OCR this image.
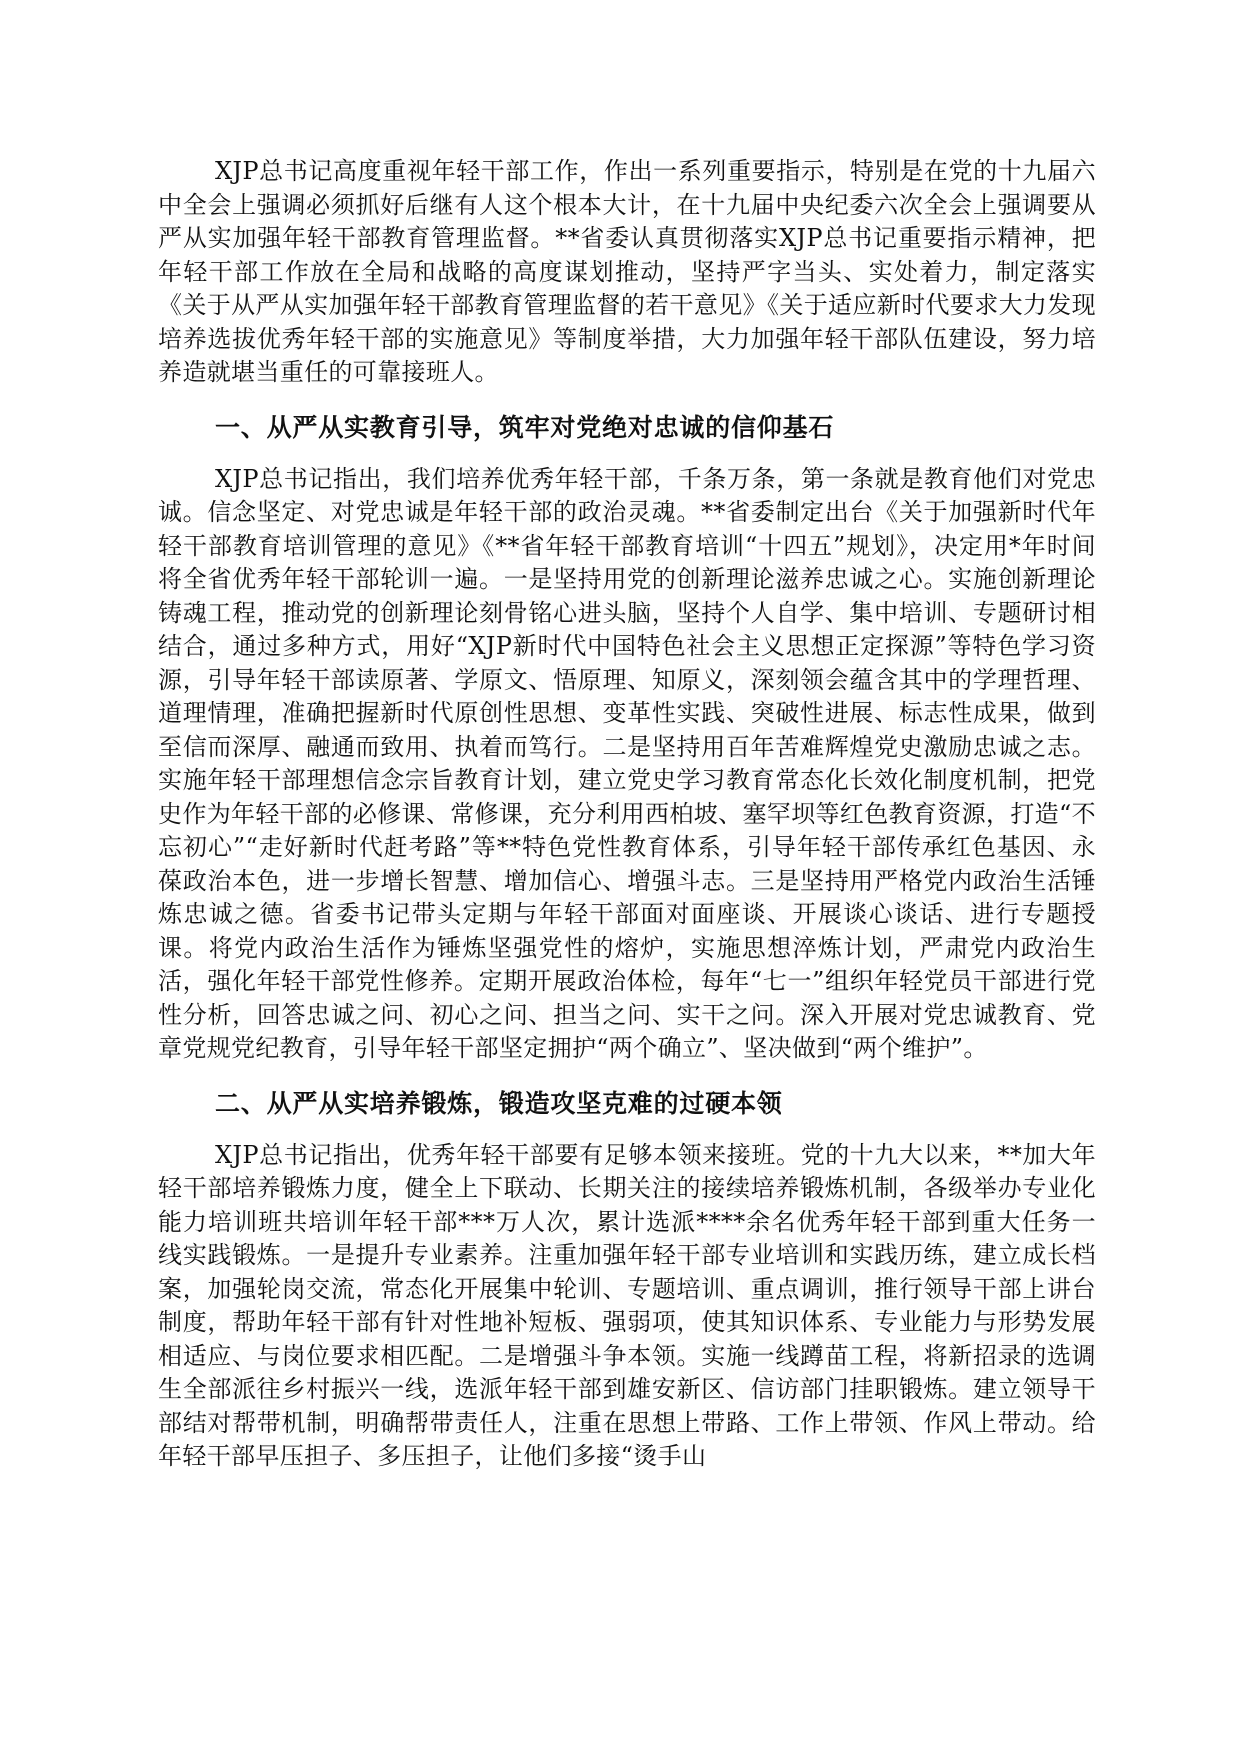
XJP总书记高度重视年轻干部工作，作出一系列重要指示，特别是在党的十九届六中全会上强调必须抓好后继有人这个根本大计，在十九届中央纪委六次全会上强调要从严从实加强年轻干部教育管理监督。**省委认真贯彻落实XJP总书记重要指示精神，把年轻干部工作放在全局和战略的高度谋划推动，坚持严字当头、实处着力，制定落实《关于从严从实加强年轻干部教育管理监督的若干意见》《关于适应新时代要求大力发现培养选拔优秀年轻干部的实施意见》等制度举措，大力加强年轻干部队伍建设，努力培养造就堪当重任的可靠接班人。

一、从严从实教育引导，筑牢对党绝对忠诚的信仰基石

XJP总书记指出，我们培养优秀年轻干部，千条万条，第一条就是教育他们对党忠诚。信念坚定、对党忠诚是年轻干部的政治灵魂。**省委制定出台《关于加强新时代年轻干部教育培训管理的意见》《**省年轻干部教育培训“十四五”规划》，决定用*年时间将全省优秀年轻干部轮训一遍。一是坚持用党的创新理论滋养忠诚之心。实施创新理论铸魂工程，推动党的创新理论刻骨铭心进头脑，坚持个人自学、集中培训、专题研讨相结合，通过多种方式，用好“XJP新时代中国特色社会主义思想正定探源”等特色学习资源，引导年轻干部读原著、学原文、悟原理、知原义，深刻领会蕴含其中的学理哲理、道理情理，准确把握新时代原创性思想、变革性实践、突破性进展、标志性成果，做到至信而深厚、融通而致用、执着而笃行。二是坚持用百年苦难辉煌党史激励忠诚之志。实施年轻干部理想信念宗旨教育计划，建立党史学习教育常态化长效化制度机制，把党史作为年轻干部的必修课、常修课，充分利用西柏坡、塞罕坝等红色教育资源，打造“不忘初心”“走好新时代赶考路”等**特色党性教育体系，引导年轻干部传承红色基因、永葆政治本色，进一步增长智慧、增加信心、增强斗志。三是坚持用严格党内政治生活锤炼忠诚之德。省委书记带头定期与年轻干部面对面座谈、开展谈心谈话、进行专题授课。将党内政治生活作为锤炼坚强党性的熔炉，实施思想淬炼计划，严肃党内政治生活，强化年轻干部党性修养。定期开展政治体检，每年“七一”组织年轻党员干部进行党性分析，回答忠诚之问、初心之问、担当之问、实干之问。深入开展对党忠诚教育、党章党规党纪教育，引导年轻干部坚定拥护“两个确立”、坚决做到“两个维护”。

二、从严从实培养锻炼，锻造攻坚克难的过硬本领

XJP总书记指出，优秀年轻干部要有足够本领来接班。党的十九大以来，**加大年轻干部培养锻炼力度，健全上下联动、长期关注的接续培养锻炼机制，各级举办专业化能力培训班共培训年轻干部***万人次，累计选派****余名优秀年轻干部到重大任务一线实践锻炼。一是提升专业素养。注重加强年轻干部专业培训和实践历练，建立成长档案，加强轮岗交流，常态化开展集中轮训、专题培训、重点调训，推行领导干部上讲台制度，帮助年轻干部有针对性地补短板、强弱项，使其知识体系、专业能力与形势发展相适应、与岗位要求相匹配。二是增强斗争本领。实施一线蹲苗工程，将新招录的选调生全部派往乡村振兴一线，选派年轻干部到雄安新区、信访部门挂职锻炼。建立领导干部结对帮带机制，明确帮带责任人，注重在思想上带路、工作上带领、作风上带动。给年轻干部早压担子、多压担子，让他们多接“烫手山
